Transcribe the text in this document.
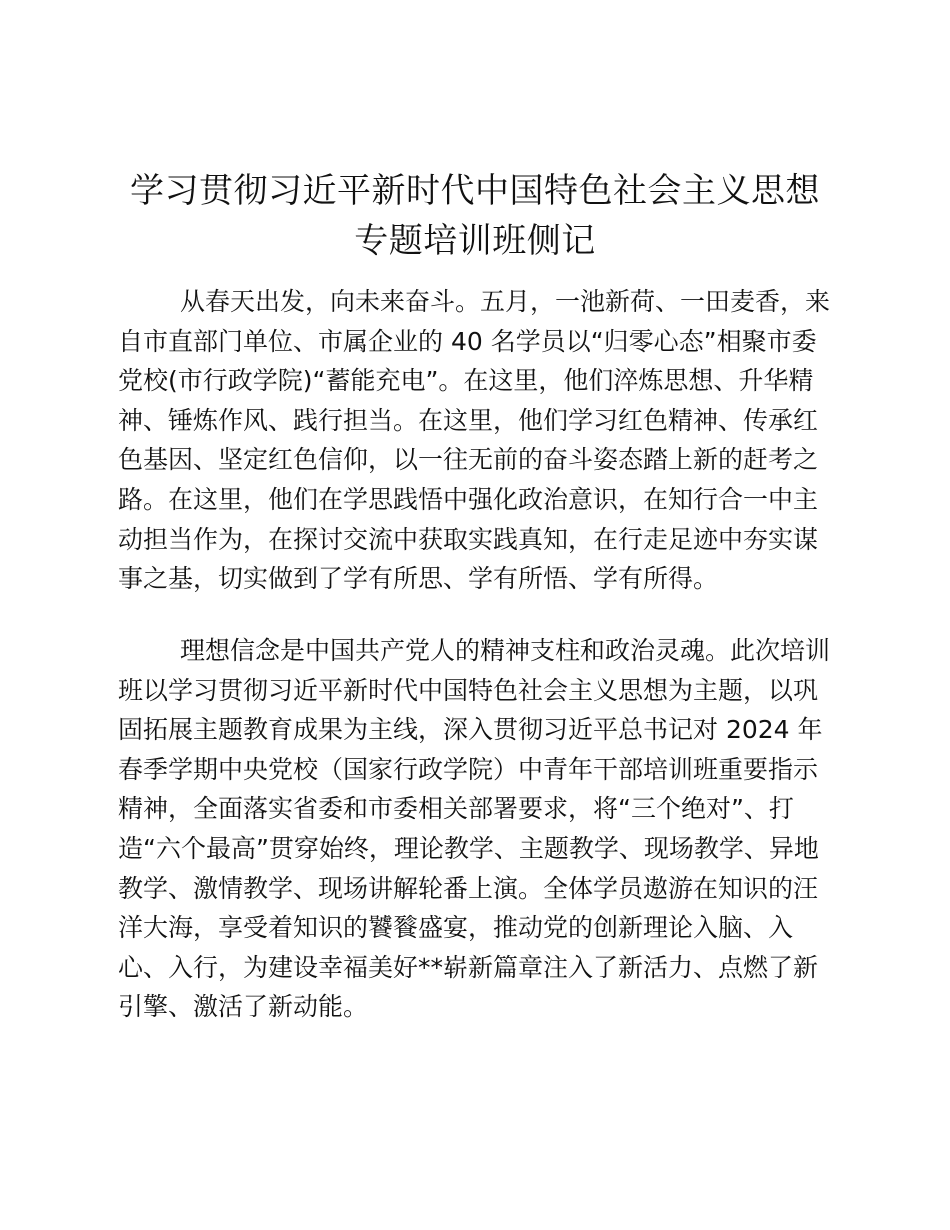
学习贯彻习近平新时代中国特色社会主义思想
专题培训班侧记
从春天出发，向未来奋斗。五月，一池新荷、一田麦香，来
自市直部门单位、市属企业的 40 名学员以“归零心态”相聚市委
党校(市行政学院)“蓄能充电”。在这里，他们淬炼思想、升华精
神、锤炼作风、践行担当。在这里，他们学习红色精神、传承红
色基因、坚定红色信仰，以一往无前的奋斗姿态踏上新的赶考之
路。在这里，他们在学思践悟中强化政治意识，在知行合一中主
动担当作为，在探讨交流中获取实践真知，在行走足迹中夯实谋
事之基，切实做到了学有所思、学有所悟、学有所得。
理想信念是中国共产党人的精神支柱和政治灵魂。此次培训
班以学习贯彻习近平新时代中国特色社会主义思想为主题，以巩
固拓展主题教育成果为主线，深入贯彻习近平总书记对 2024 年
春季学期中央党校（国家行政学院）中青年干部培训班重要指示
精神，全面落实省委和市委相关部署要求，将“三个绝对”、打
造“六个最高”贯穿始终，理论教学、主题教学、现场教学、异地
教学、激情教学、现场讲解轮番上演。全体学员遨游在知识的汪
洋大海，享受着知识的饕餮盛宴，推动党的创新理论入脑、入
心、入行，为建设幸福美好**崭新篇章注入了新活力、点燃了新
引擎、激活了新动能。
